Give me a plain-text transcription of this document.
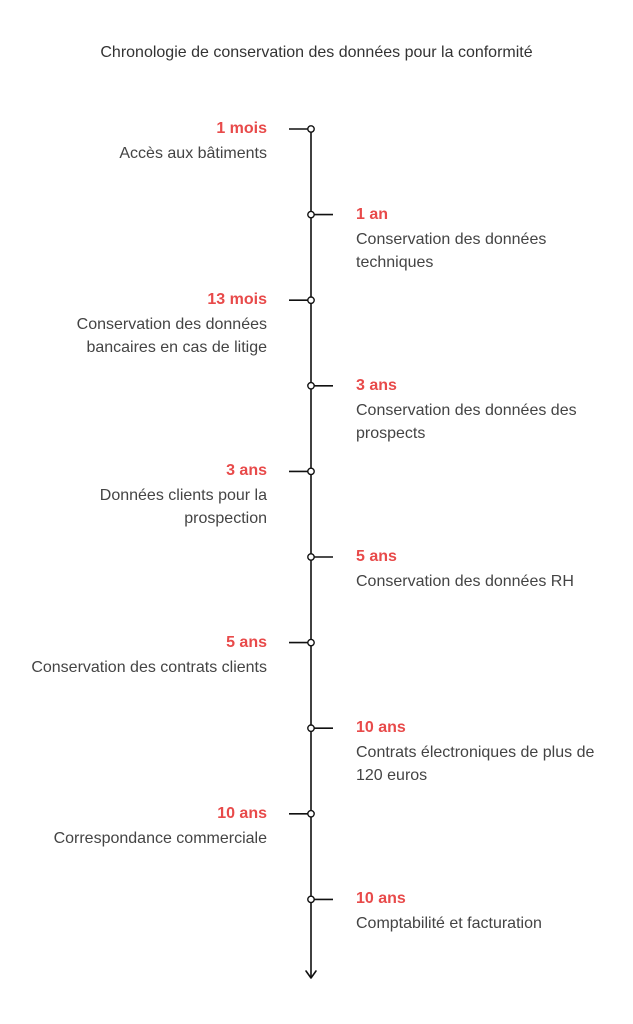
Chronologie de conservation des données pour la conformité
1 mois
Accès aux bâtiments
1 an
Conservation des données techniques
13 mois
Conservation des données bancaires en cas de litige
3 ans
Conservation des données des prospects
3 ans
Données clients pour la prospection
5 ans
Conservation des données RH
5 ans
Conservation des contrats clients
10 ans
Contrats électroniques de plus de 120 euros
10 ans
Correspondance commerciale
10 ans
Comptabilité et facturation
